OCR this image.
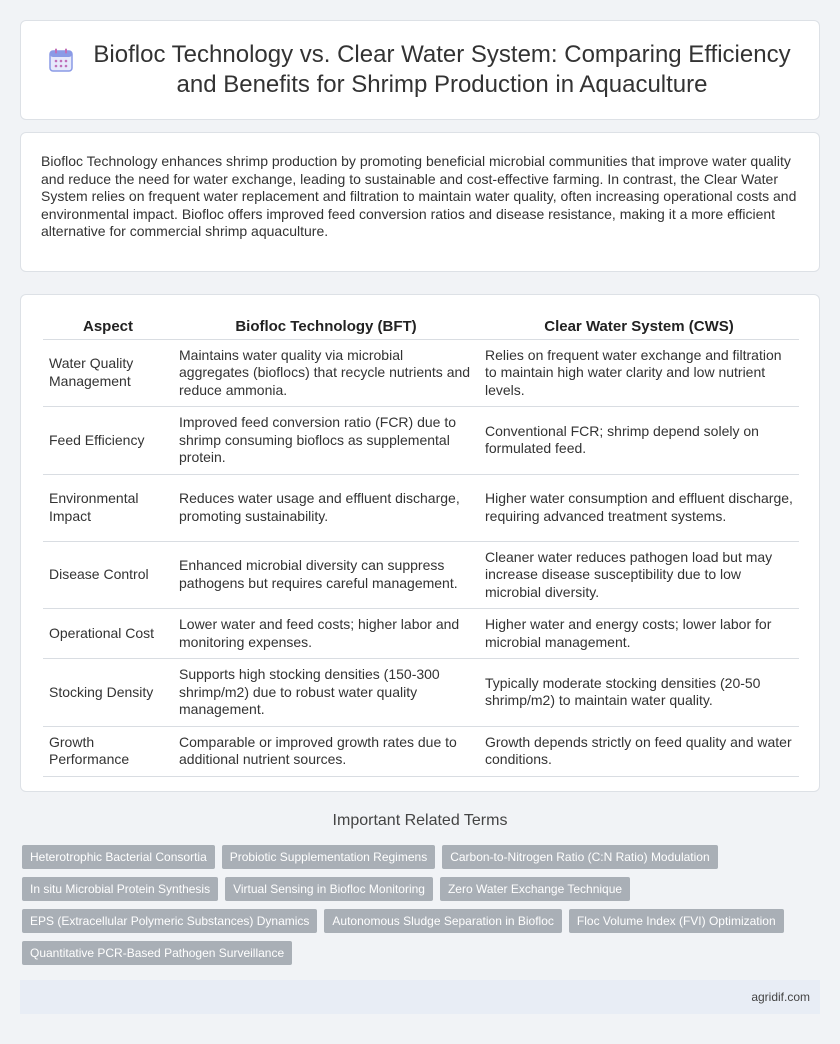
Biofloc Technology vs. Clear Water System: Comparing Efficiency and Benefits for Shrimp Production in Aquaculture

Biofloc Technology enhances shrimp production by promoting beneficial microbial communities that improve water quality and reduce the need for water exchange, leading to sustainable and cost-effective farming. In contrast, the Clear Water System relies on frequent water replacement and filtration to maintain water quality, often increasing operational costs and environmental impact. Biofloc offers improved feed conversion ratios and disease resistance, making it a more efficient alternative for commercial shrimp aquaculture.

Aspect	Biofloc Technology (BFT)	Clear Water System (CWS)
Water Quality Management	Maintains water quality via microbial aggregates (bioflocs) that recycle nutrients and reduce ammonia.	Relies on frequent water exchange and filtration to maintain high water clarity and low nutrient levels.
Feed Efficiency	Improved feed conversion ratio (FCR) due to shrimp consuming bioflocs as supplemental protein.	Conventional FCR; shrimp depend solely on formulated feed.
Environmental Impact	Reduces water usage and effluent discharge, promoting sustainability.	Higher water consumption and effluent discharge, requiring advanced treatment systems.
Disease Control	Enhanced microbial diversity can suppress pathogens but requires careful management.	Cleaner water reduces pathogen load but may increase disease susceptibility due to low microbial diversity.
Operational Cost	Lower water and feed costs; higher labor and monitoring expenses.	Higher water and energy costs; lower labor for microbial management.
Stocking Density	Supports high stocking densities (150-300 shrimp/m2) due to robust water quality management.	Typically moderate stocking densities (20-50 shrimp/m2) to maintain water quality.
Growth Performance	Comparable or improved growth rates due to additional nutrient sources.	Growth depends strictly on feed quality and water conditions.
Important Related Terms
Heterotrophic Bacterial Consortia	Probiotic Supplementation Regimens	Carbon-to-Nitrogen Ratio (C:N Ratio) Modulation
In situ Microbial Protein Synthesis	Virtual Sensing in Biofloc Monitoring	Zero Water Exchange Technique
EPS (Extracellular Polymeric Substances) Dynamics	Autonomous Sludge Separation in Biofloc	Floc Volume Index (FVI) Optimization
Quantitative PCR-Based Pathogen Surveillance
agridif.com
